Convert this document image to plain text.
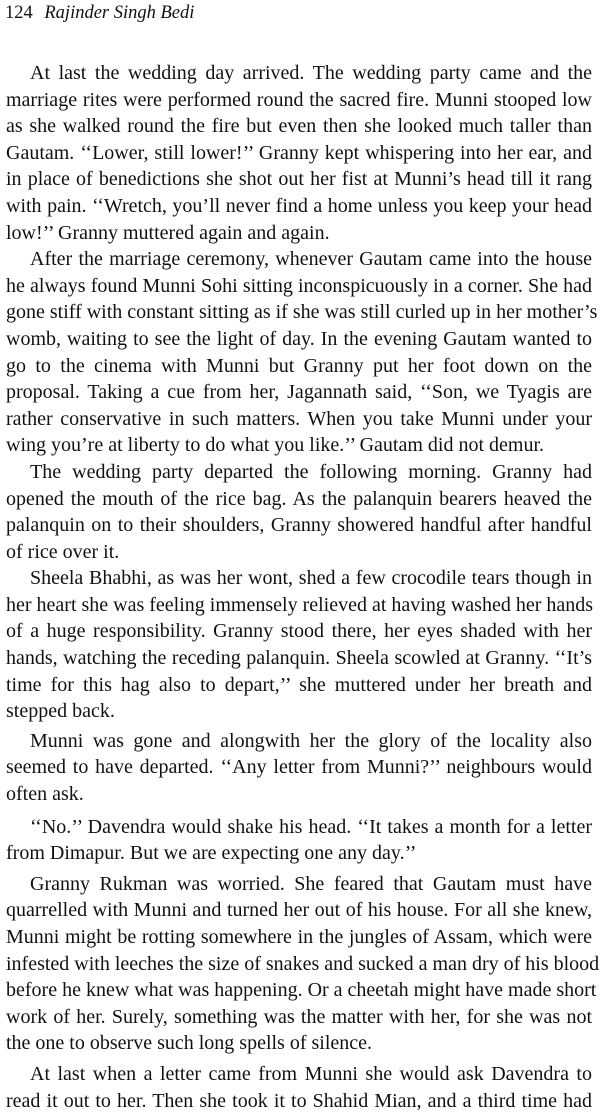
124 Rajinder Singh Bedi
At last the wedding day arrived. The wedding party came and the
marriage rites were performed round the sacred fire. Munni stooped low
as she walked round the fire but even then she looked much taller than
Gautam. ‘‘Lower, still lower!’’ Granny kept whispering into her ear, and
in place of benedictions she shot out her fist at Munni’s head till it rang
with pain. ‘‘Wretch, you’ll never find a home unless you keep your head
low!’’ Granny muttered again and again.
After the marriage ceremony, whenever Gautam came into the house
he always found Munni Sohi sitting inconspicuously in a corner. She had
gone stiff with constant sitting as if she was still curled up in her mother’s
womb, waiting to see the light of day. In the evening Gautam wanted to
go to the cinema with Munni but Granny put her foot down on the
proposal. Taking a cue from her, Jagannath said, ‘‘Son, we Tyagis are
rather conservative in such matters. When you take Munni under your
wing you’re at liberty to do what you like.’’ Gautam did not demur.
The wedding party departed the following morning. Granny had
opened the mouth of the rice bag. As the palanquin bearers heaved the
palanquin on to their shoulders, Granny showered handful after handful
of rice over it.
Sheela Bhabhi, as was her wont, shed a few crocodile tears though in
her heart she was feeling immensely relieved at having washed her hands
of a huge responsibility. Granny stood there, her eyes shaded with her
hands, watching the receding palanquin. Sheela scowled at Granny. ‘‘It’s
time for this hag also to depart,’’ she muttered under her breath and
stepped back.
Munni was gone and alongwith her the glory of the locality also
seemed to have departed. ‘‘Any letter from Munni?’’ neighbours would
often ask.
‘‘No.’’ Davendra would shake his head. ‘‘It takes a month for a letter
from Dimapur. But we are expecting one any day.’’
Granny Rukman was worried. She feared that Gautam must have
quarrelled with Munni and turned her out of his house. For all she knew,
Munni might be rotting somewhere in the jungles of Assam, which were
infested with leeches the size of snakes and sucked a man dry of his blood
before he knew what was happening. Or a cheetah might have made short
work of her. Surely, something was the matter with her, for she was not
the one to observe such long spells of silence.
At last when a letter came from Munni she would ask Davendra to
read it out to her. Then she took it to Shahid Mian, and a third time had
